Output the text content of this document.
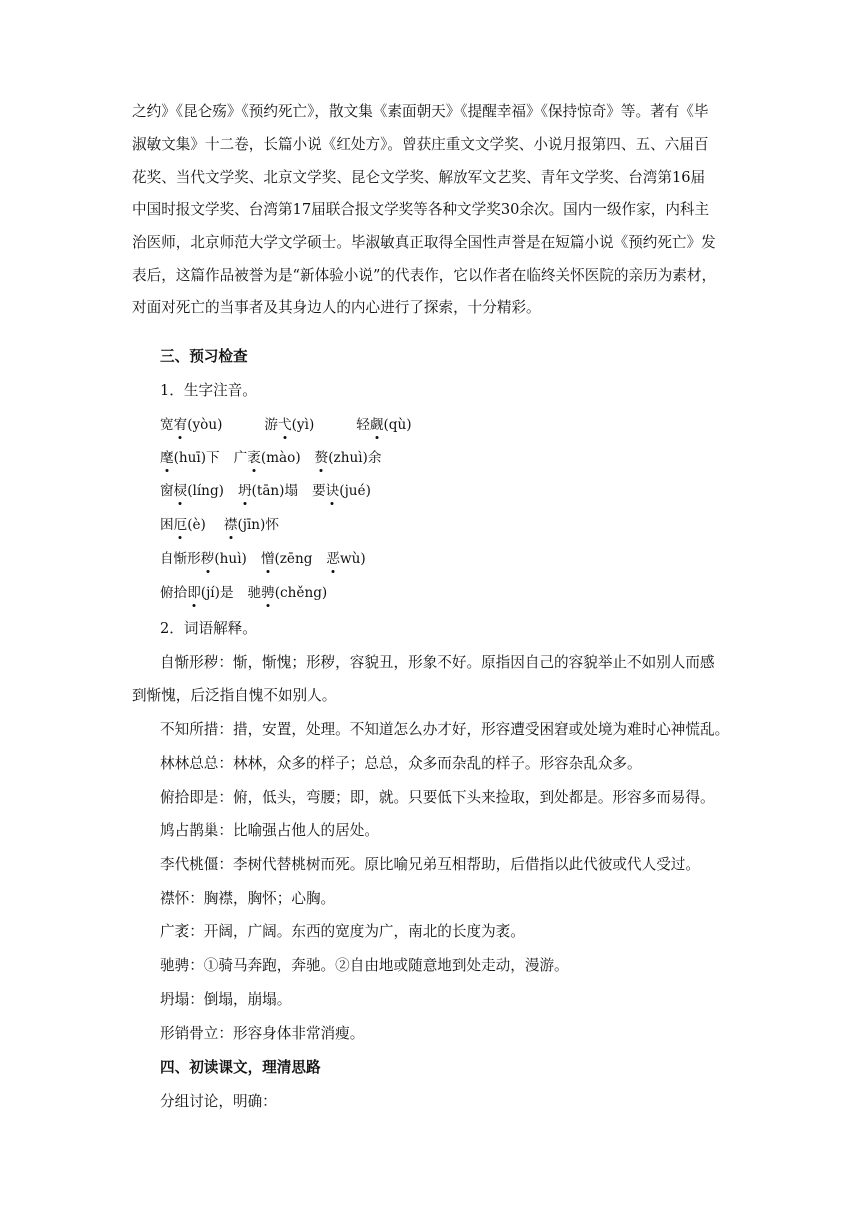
之约》《昆仑殇》《预约死亡》，散文集《素面朝天》《提醒幸福》《保持惊奇》等。著有《毕

淑敏文集》十二卷，长篇小说《红处方》。曾获庄重文文学奖、小说月报第四、五、六届百

花奖、当代文学奖、北京文学奖、昆仑文学奖、解放军文艺奖、青年文学奖、台湾第16届

中国时报文学奖、台湾第17届联合报文学奖等各种文学奖30余次。国内一级作家，内科主

治医师，北京师范大学文学硕士。毕淑敏真正取得全国性声誉是在短篇小说《预约死亡》发

表后，这篇作品被誉为是“新体验小说”的代表作，它以作者在临终关怀医院的亲历为素材，

对面对死亡的当事者及其身边人的内心进行了探索，十分精彩。

三、预习检查

1．生字注音。

宽宥(yòu)	游弋(yì)	轻觑(qù)

麾(huī)下 广袤(mào) 赘(zhuì)余

窗棂(líng) 坍(tān)塌 要诀(jué)

困厄(è) 襟(jīn)怀

自惭形秽(huì) 憎(zēng 恶wù)

俯拾即(jí)是 驰骋(chěng)

2．词语解释。

自惭形秽：惭，惭愧；形秽，容貌丑，形象不好。原指因自己的容貌举止不如别人而感

到惭愧，后泛指自愧不如别人。

不知所措：措，安置，处理。不知道怎么办才好，形容遭受困窘或处境为难时心神慌乱。

林林总总：林林，众多的样子；总总，众多而杂乱的样子。形容杂乱众多。

俯拾即是：俯，低头，弯腰；即，就。只要低下头来捡取，到处都是。形容多而易得。

鸠占鹊巢：比喻强占他人的居处。

李代桃僵：李树代替桃树而死。原比喻兄弟互相帮助，后借指以此代彼或代人受过。

襟怀：胸襟，胸怀；心胸。

广袤：开阔，广阔。东西的宽度为广，南北的长度为袤。

驰骋：①骑马奔跑，奔驰。②自由地或随意地到处走动，漫游。

坍塌：倒塌，崩塌。

形销骨立：形容身体非常消瘦。

四、初读课文，理清思路

分组讨论，明确：
